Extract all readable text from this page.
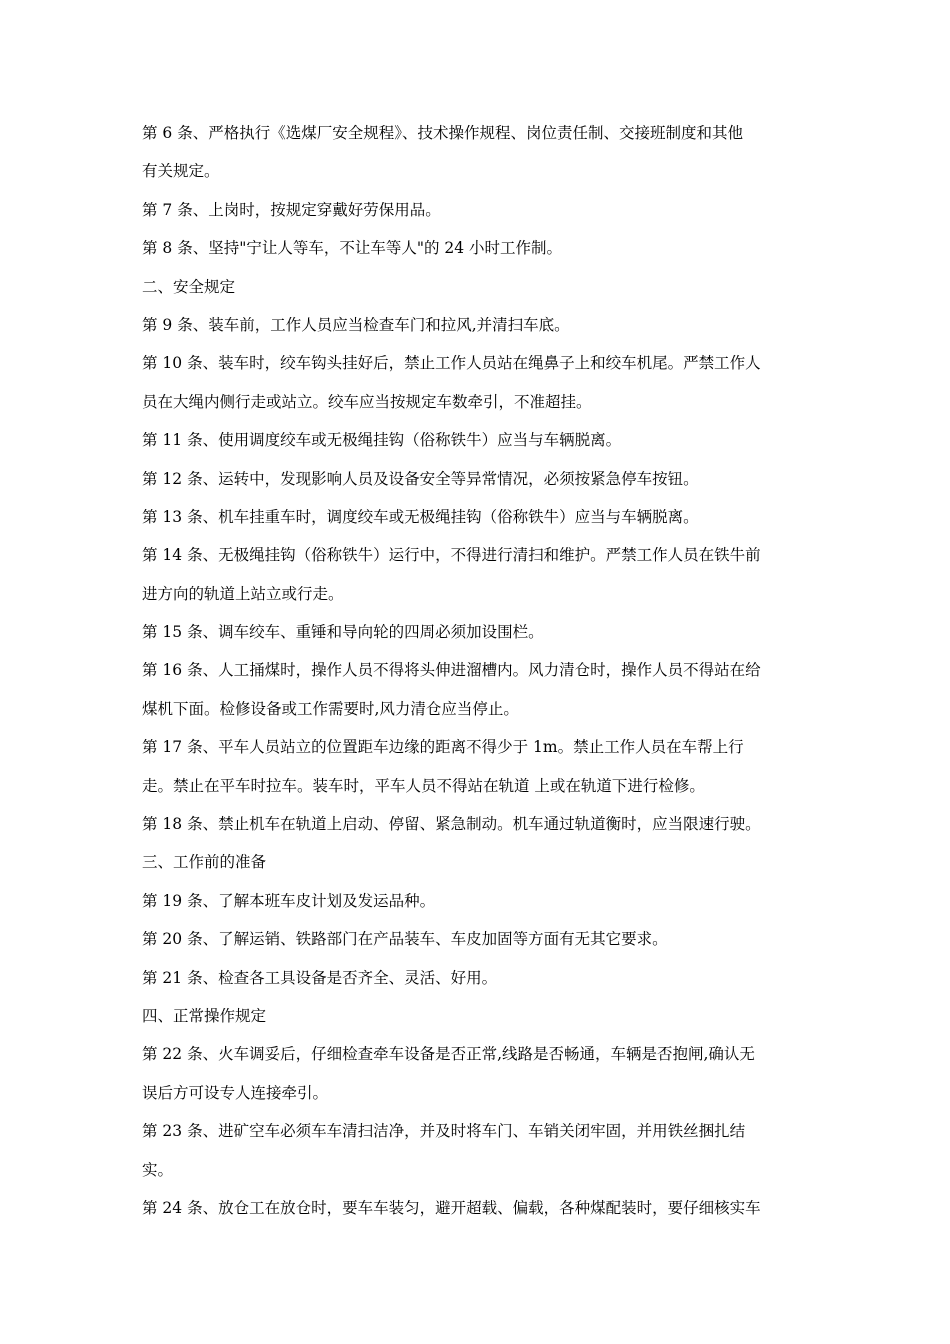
第 6 条、严格执行《选煤厂安全规程》、技术操作规程、岗位责任制、交接班制度和其他
有关规定。
第 7 条、上岗时，按规定穿戴好劳保用品。
第 8 条、坚持"宁让人等车，不让车等人"的 24 小时工作制。
二、安全规定
第 9 条、装车前，工作人员应当检查车门和拉风,并清扫车底。
第 10 条、装车时，绞车钩头挂好后，禁止工作人员站在绳鼻子上和绞车机尾。严禁工作人
员在大绳内侧行走或站立。绞车应当按规定车数牵引，不准超挂。
第 11 条、使用调度绞车或无极绳挂钩（俗称铁牛）应当与车辆脱离。
第 12 条、运转中，发现影响人员及设备安全等异常情况，必须按紧急停车按钮。
第 13 条、机车挂重车时，调度绞车或无极绳挂钩（俗称铁牛）应当与车辆脱离。
第 14 条、无极绳挂钩（俗称铁牛）运行中，不得进行清扫和维护。严禁工作人员在铁牛前
进方向的轨道上站立或行走。
第 15 条、调车绞车、重锤和导向轮的四周必须加设围栏。
第 16 条、人工捅煤时，操作人员不得将头伸进溜槽内。风力清仓时，操作人员不得站在给
煤机下面。检修设备或工作需要时,风力清仓应当停止。
第 17 条、平车人员站立的位置距车边缘的距离不得少于 1m。禁止工作人员在车帮上行
走。禁止在平车时拉车。装车时，平车人员不得站在轨道 上或在轨道下进行检修。
第 18 条、禁止机车在轨道上启动、停留、紧急制动。机车通过轨道衡时，应当限速行驶。
三、工作前的准备
第 19 条、了解本班车皮计划及发运品种。
第 20 条、了解运销、铁路部门在产品装车、车皮加固等方面有无其它要求。
第 21 条、检查各工具设备是否齐全、灵活、好用。
四、正常操作规定
第 22 条、火车调妥后，仔细检查牵车设备是否正常,线路是否畅通，车辆是否抱闸,确认无
误后方可设专人连接牵引。
第 23 条、进矿空车必须车车清扫洁净，并及时将车门、车销关闭牢固，并用铁丝捆扎结
实。
第 24 条、放仓工在放仓时，要车车装匀，避开超载、偏载，各种煤配装时，要仔细核实车
